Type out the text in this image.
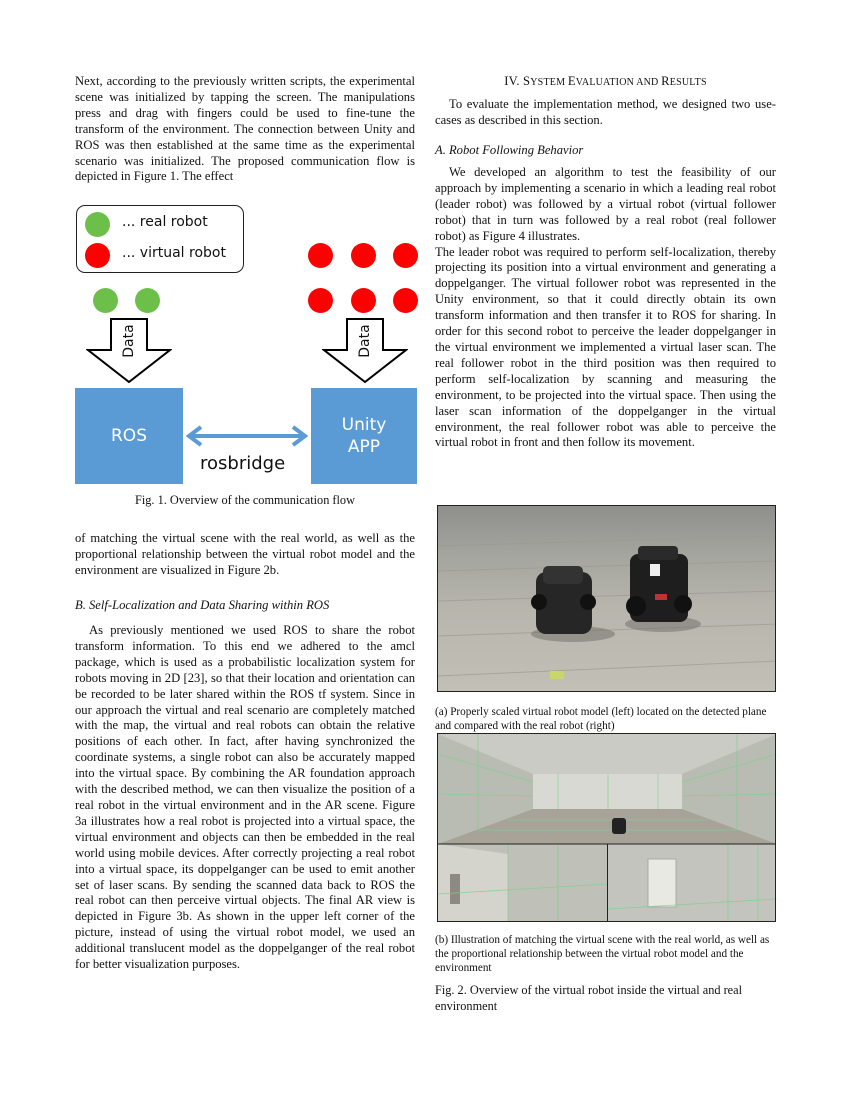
Next, according to the previously written scripts, the experimental scene was initialized by tapping the screen. The manipulations press and drag with fingers could be used to fine-tune the transform of the environment. The connection between Unity and ROS was then established at the same time as the experimental scenario was initialized. The proposed communication flow is depicted in Figure 1. The effect

... real robot
... virtual robot
Data	Data
ROS
Unity
APP
rosbridge
Fig. 1. Overview of the communication flow

of matching the virtual scene with the real world, as well as the proportional relationship between the virtual robot model and the environment are visualized in Figure 2b.

B. Self-Localization and Data Sharing within ROS

As previously mentioned we used ROS to share the robot transform information. To this end we adhered to the amcl package, which is used as a probabilistic localization system for robots moving in 2D [23], so that their location and orientation can be recorded to be later shared within the ROS tf system. Since in our approach the virtual and real scenario are completely matched with the map, the virtual and real robots can obtain the relative positions of each other. In fact, after having synchronized the coordinate systems, a single robot can also be accurately mapped into the virtual space. By combining the AR foundation approach with the described method, we can then visualize the position of a real robot in the virtual environment and in the AR scene. Figure 3a illustrates how a real robot is projected into a virtual space, the virtual environment and objects can then be embedded in the real world using mobile devices. After correctly projecting a real robot into a virtual space, its doppelganger can be used to emit another set of laser scans. By sending the scanned data back to ROS the real robot can then perceive virtual objects. The final AR view is depicted in Figure 3b. As shown in the upper left corner of the picture, instead of using the virtual robot model, we used an additional translucent model as the doppelganger of the real robot for better visualization purposes.

IV. SYSTEM EVALUATION AND RESULTS

To evaluate the implementation method, we designed two use-cases as described in this section.

A. Robot Following Behavior

We developed an algorithm to test the feasibility of our approach by implementing a scenario in which a leading real robot (leader robot) was followed by a virtual robot (virtual follower robot) that in turn was followed by a real robot (real follower robot) as Figure 4 illustrates.

The leader robot was required to perform self-localization, thereby projecting its position into a virtual environment and generating a doppelganger. The virtual follower robot was represented in the Unity environment, so that it could directly obtain its own transform information and then transfer it to ROS for sharing. In order for this second robot to perceive the leader doppelganger in the virtual environment we implemented a virtual laser scan. The real follower robot in the third position was then required to perform self-localization by scanning and measuring the environment, to be projected into the virtual space. Then using the laser scan information of the doppelganger in the virtual environment, the real follower robot was able to perceive the virtual robot in front and then follow its movement.

(a) Properly scaled virtual robot model (left) located on the detected plane and compared with the real robot (right)
(b) Illustration of matching the virtual scene with the real world, as well as the proportional relationship between the virtual robot model and the environment
Fig. 2. Overview of the virtual robot inside the virtual and real environment
